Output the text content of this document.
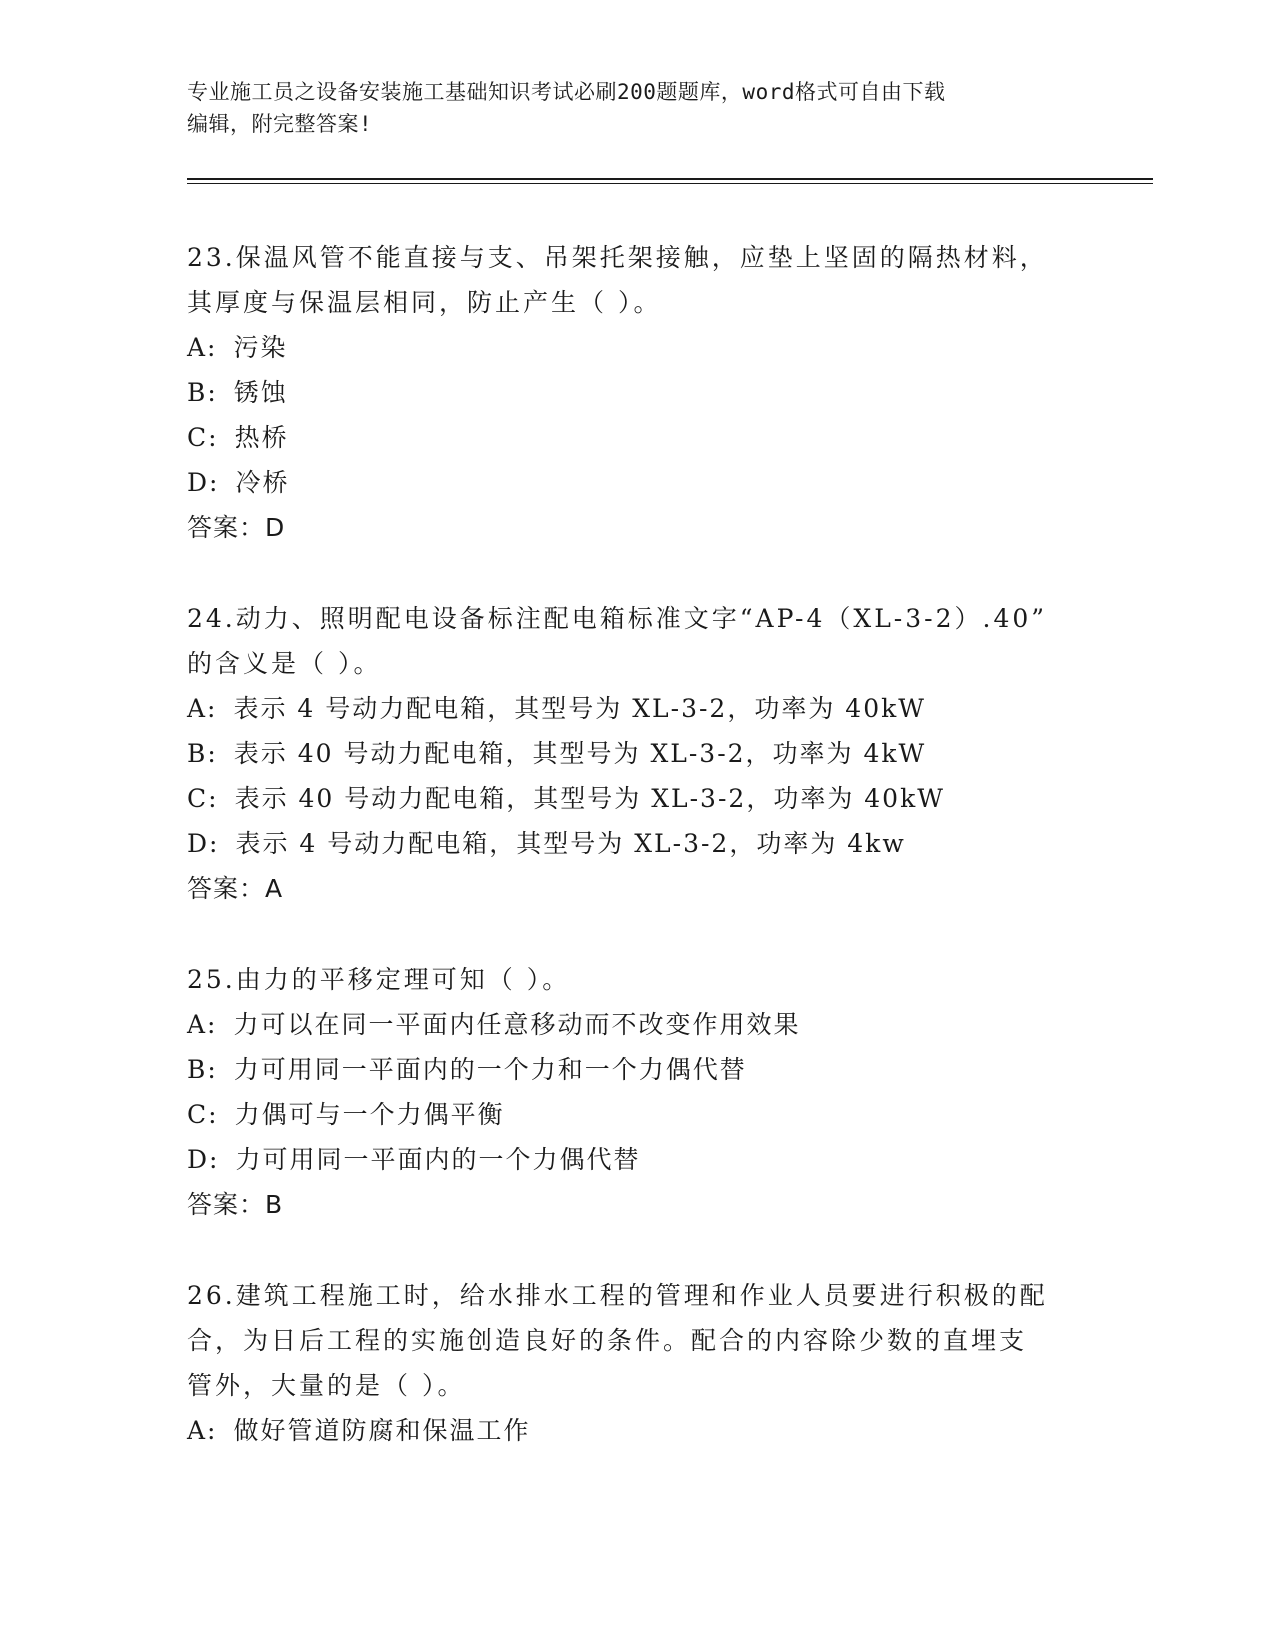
专业施工员之设备安装施工基础知识考试必刷200题题库，word格式可自由下载
编辑，附完整答案!
23.保温风管不能直接与支、吊架托架接触，应垫上坚固的隔热材料，
其厚度与保温层相同，防止产生（ ）。
A: 污染
B: 锈蚀
C: 热桥
D: 冷桥
答案：D
24.动力、照明配电设备标注配电箱标准文字“AP-4（XL-3-2）.40”
的含义是（ ）。
A: 表示 4 号动力配电箱，其型号为 XL-3-2，功率为 40kW
B: 表示 40 号动力配电箱，其型号为 XL-3-2，功率为 4kW
C: 表示 40 号动力配电箱，其型号为 XL-3-2，功率为 40kW
D: 表示 4 号动力配电箱，其型号为 XL-3-2，功率为 4kw
答案：A
25.由力的平移定理可知（ ）。
A: 力可以在同一平面内任意移动而不改变作用效果
B: 力可用同一平面内的一个力和一个力偶代替
C: 力偶可与一个力偶平衡
D: 力可用同一平面内的一个力偶代替
答案：B
26.建筑工程施工时，给水排水工程的管理和作业人员要进行积极的配
合，为日后工程的实施创造良好的条件。配合的内容除少数的直埋支
管外，大量的是（ ）。
A: 做好管道防腐和保温工作
